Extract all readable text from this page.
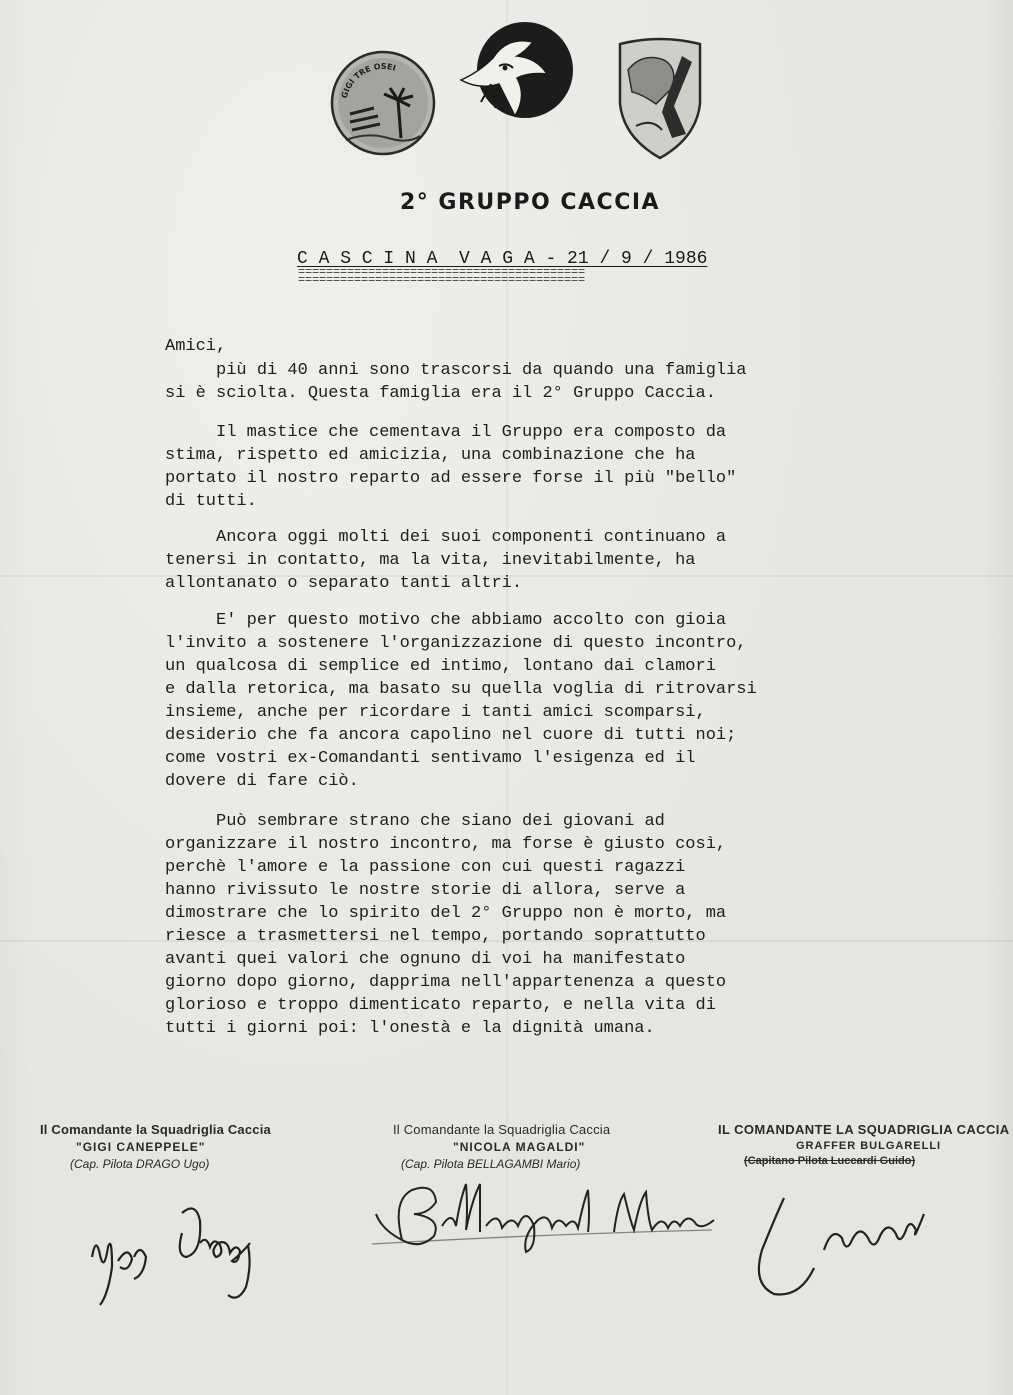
GIGI TRE OSEI
2° GRUPPO CACCIA
C A S C I N A  V A G A - 21 / 9 / 1986
=========================================
=========================================
Amici,
più di 40 anni sono trascorsi da quando una famiglia
si è sciolta. Questa famiglia era il 2° Gruppo Caccia.
Il mastice che cementava il Gruppo era composto da
stima, rispetto ed amicizia, una combinazione che ha
portato il nostro reparto ad essere forse il più "bello"
di tutti.
Ancora oggi molti dei suoi componenti continuano a
tenersi in contatto, ma la vita, inevitabilmente, ha
allontanato o separato tanti altri.
E' per questo motivo che abbiamo accolto con gioia
l'invito a sostenere l'organizzazione di questo incontro,
un qualcosa di semplice ed intimo, lontano dai clamori
e dalla retorica, ma basato su quella voglia di ritrovarsi
insieme, anche per ricordare i tanti amici scomparsi,
desiderio che fa ancora capolino nel cuore di tutti noi;
come vostri ex-Comandanti sentivamo l'esigenza ed il
dovere di fare ciò.
Può sembrare strano che siano dei giovani ad
organizzare il nostro incontro, ma forse è giusto così,
perchè l'amore e la passione con cui questi ragazzi
hanno rivissuto le nostre storie di allora, serve a
dimostrare che lo spirito del 2° Gruppo non è morto, ma
riesce a trasmettersi nel tempo, portando soprattutto
avanti quei valori che ognuno di voi ha manifestato
giorno dopo giorno, dapprima nell'appartenenza a questo
glorioso e troppo dimenticato reparto, e nella vita di
tutti i giorni poi: l'onestà e la dignità umana.
Il Comandante la Squadriglia Caccia
"GIGI CANEPPELE"
(Cap. Pilota DRAGO Ugo)
Il Comandante la Squadriglia Caccia
"NICOLA MAGALDI"
(Cap. Pilota BELLAGAMBI Mario)
IL COMANDANTE LA SQUADRIGLIA CACCIA
GRAFFER BULGARELLI
(Capitano Pilota Luccardi Guido)
